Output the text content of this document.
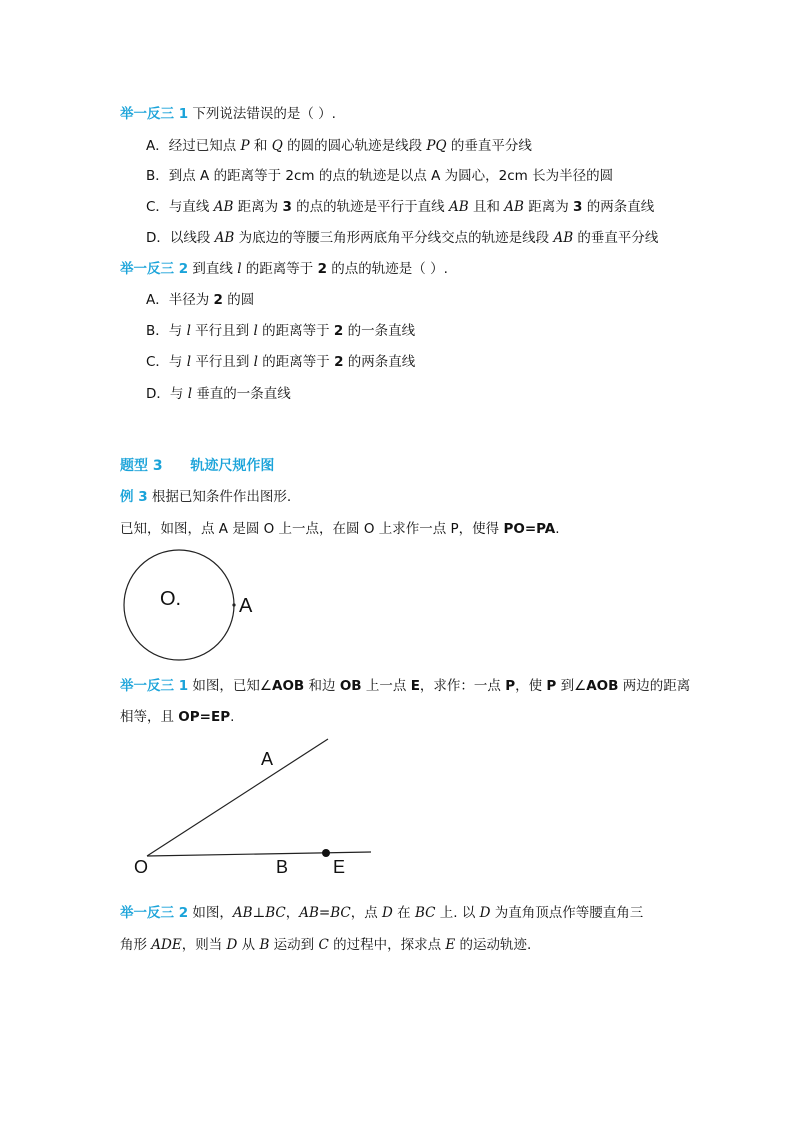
举一反三 1 下列说法错误的是（ ）.
A．经过已知点 P 和 Q 的圆的圆心轨迹是线段 PQ 的垂直平分线
B．到点 A 的距离等于 2cm 的点的轨迹是以点 A 为圆心，2cm 长为半径的圆
C．与直线 AB 距离为 3 的点的轨迹是平行于直线 AB 且和 AB 距离为 3 的两条直线
D．以线段 AB 为底边的等腰三角形两底角平分线交点的轨迹是线段 AB 的垂直平分线
举一反三 2 到直线 l 的距离等于 2 的点的轨迹是（ ）.
A．半径为 2 的圆
B．与 l 平行且到 l 的距离等于 2 的一条直线
C．与 l 平行且到 l 的距离等于 2 的两条直线
D．与 l 垂直的一条直线
题型 3 轨迹尺规作图
例 3 根据已知条件作出图形.
已知，如图，点 A 是圆 O 上一点，在圆 O 上求作一点 P，使得 PO=PA.
O.	A
举一反三 1 如图，已知∠AOB 和边 OB 上一点 E，求作：一点 P，使 P 到∠AOB 两边的距离
相等，且 OP=EP.
A
O	B E
举一反三 2 如图，AB⊥BC，AB=BC，点 D 在 BC 上. 以 D 为直角顶点作等腰直角三
角形 ADE，则当 D 从 B 运动到 C 的过程中，探求点 E 的运动轨迹.
